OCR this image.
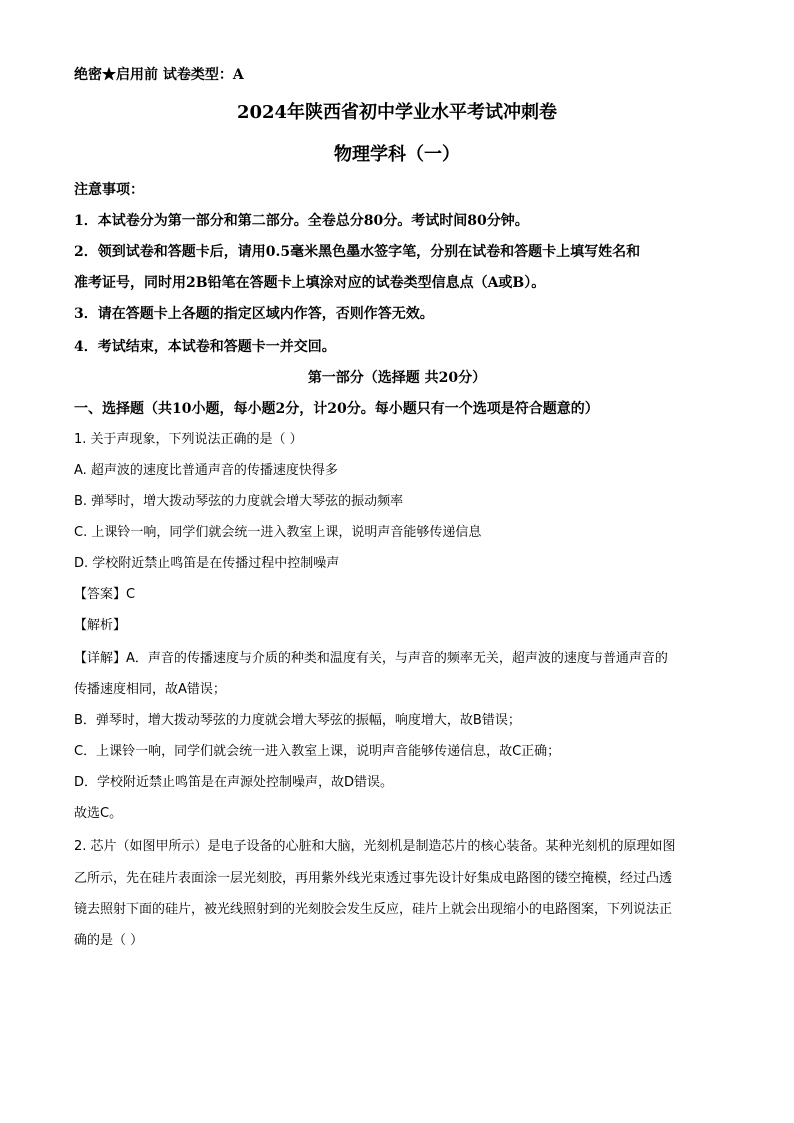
绝密★启用前 试卷类型：A
2024年陕西省初中学业水平考试冲刺卷
物理学科（一）
注意事项：
1．本试卷分为第一部分和第二部分。全卷总分80分。考试时间80分钟。
2．领到试卷和答题卡后，请用0.5毫米黑色墨水签字笔，分别在试卷和答题卡上填写姓名和
准考证号，同时用2B铅笔在答题卡上填涂对应的试卷类型信息点（A或B）。
3．请在答题卡上各题的指定区域内作答，否则作答无效。
4．考试结束，本试卷和答题卡一并交回。
第一部分（选择题 共20分）
一、选择题（共10小题，每小题2分，计20分。每小题只有一个选项是符合题意的）
1. 关于声现象，下列说法正确的是（ ）
A. 超声波的速度比普通声音的传播速度快得多
B. 弹琴时，增大拨动琴弦的力度就会增大琴弦的振动频率
C. 上课铃一响，同学们就会统一进入教室上课，说明声音能够传递信息
D. 学校附近禁止鸣笛是在传播过程中控制噪声
【答案】C
【解析】
【详解】A．声音的传播速度与介质的种类和温度有关，与声音的频率无关，超声波的速度与普通声音的
传播速度相同，故A错误；
B．弹琴时，增大拨动琴弦的力度就会增大琴弦的振幅，响度增大，故B错误；
C．上课铃一响，同学们就会统一进入教室上课，说明声音能够传递信息，故C正确；
D．学校附近禁止鸣笛是在声源处控制噪声，故D错误。
故选C。
2. 芯片（如图甲所示）是电子设备的心脏和大脑，光刻机是制造芯片的核心装备。某种光刻机的原理如图
乙所示，先在硅片表面涂一层光刻胶，再用紫外线光束透过事先设计好集成电路图的镂空掩模，经过凸透
镜去照射下面的硅片，被光线照射到的光刻胶会发生反应，硅片上就会出现缩小的电路图案，下列说法正
确的是（ ）
